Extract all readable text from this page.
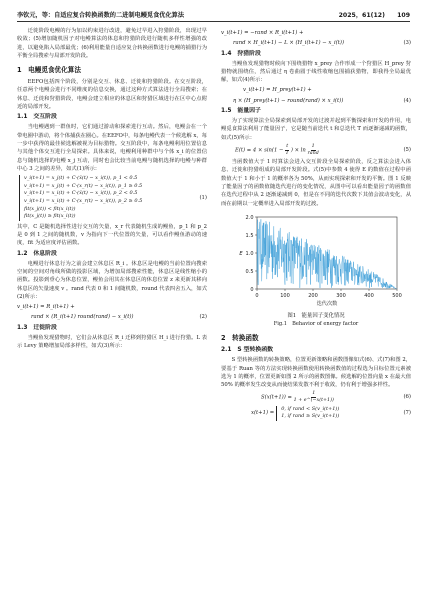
李钦元，等：自适应复合转换函数的二进制电鳗觅食优化算法	2025，61(12) 109

迁徙阶段电鳗的行为加以约束进行改进，避免过早进入狩猎阶段，出现过早收敛；(5)增加随机因子对电鳗算法的体息和狩猎阶段进行随机多样性增强的改进，以避免陷入局部最优；(6)利用能量自适应复合转换函数进行电鳗的捕猎行为平衡全局搜索与局部开发阶段。

1　电鳗觅食优化算法

EEFO包括四个阶段，分别是交互、休息、迁徙和狩猎阶段。在交互阶段，任意两个电鳗会进行不同维度的信息交换，通过这种方式算法进行全局搜索；在休息、迁徙和狩猎阶段，电鳗会建立相应的休息区和狩猎区域进行在区中心点附近的局部开发。

1.1　交互阶段

当电鳗遇到一群鱼时，它们通过游动和探索进行互动。然后，电鳗会在一个带电圈中游动，将个体捕获在圈心。在EEFO中，每条电鳗代表一个候选解 x，每一步中获得的最佳候选解被视为目标猎物。交互阶段中，每条电鳗利用位置信息与其他个体交互进行全局探索。具体来说，电鳗利用种群中与个体 x_i 的位置信息与随机选择的电鳗 x_j 互动，同时也会比较当前电鳗与随机选择的电鳗与种群中心 3 之间的差异，如式(1)所示：

v_i(t+1) = x_j(t) + C·(x̄(t) − x_i(t)), p_1 < 0.5
v_i(t+1) = x_j(t) + C·(x_r(t) − x_i(t)), p_1 ≥ 0.5
v_i(t+1) = x_i(t) + C·(x̄(t) − x_i(t)), p_2 < 0.5
v_i(t+1) = x_i(t) + C·(x_r(t) − x_i(t)), p_2 ≥ 0.5
fit(x_j(t)) < fit(x_i(t))
fit(x_j(t)) ≥ fit(x_i(t))
(1)

其中，C 是随机选择性进行交互的矢量，x_r 代表随机生成的鳗鱼，p_1 和 p_2 是 0 到 1 之间的随机数，v 为指向下一代位置的矢量，可以看作鳗鱼游动的速度，fit 为适应度评估函数。

1.2　休息阶段

电鳗进行休息行为之前会建立休息区 R_i 。休息区是电鳗的当前位置向搜索空间的空间对角线所做的投影区域，为增加局部搜索性能，休息区是线性缩小的函数。投影到垂心为休息位置，鳗鱼会用其在休息区的休息位置 z 来更新其移向休息区的矢量速度 v 。rand 代表 0 和 1 间随机数，round 代表四舍五入，如式(2)所示：

v_i(t+1) = R_i(t+1) +
rand × (R_i(t+1) round(rand) − x_i(t))	(2)
1.3　迁徙阶段

当鳗鱼发现猎物时，它们会从休息区 R_i 迁移到狩猎区 H_i 进行狩猎。L 表示 Levy 策略增加局部多样性，如式(3)所示：

v_i(t+1) = −rand × R_i(t+1) +
rand × H_i(t+1) − L × (H_i(t+1) − x_i(t))	(3)
1.4　狩猎阶段

当鳗鱼发现猎物时候向下围绕猎物 x_prey 合作形成一个狩猎区 H_prey 狩猎物就围绕住，然后通过 η 卷曲圆于线性收缩包围捕获猎物，即我得全局最优解，如式(4)所示：

v_i(t+1) = H_prey(t+1) +
η × (H_prey(t+1) − round(rand) × x_i(t))	(4)
1.5　能量因子

为了实现算法全局探索到局部开发的过渡并起到平衡探索和开发的作用，电鳗觅食算法利用了能量因子，它是随当前迭代 t 和总迭代 T 而逐渐递减的函数，如式(5)所示：

$E(t) = 4 \times \sin(1 - \frac{t}{T}$ ) × $\ln \frac{1}{\text{rand}}$	(5)

当函数值大于 1 时算法会进入交互阶段全局探索阶段，反之算法会进入体息、迁徙和狩猎组成的局部开发阶段。式(5)中参数 4 使得 E 的数值在过程中函数值大于 1 和小于 1 的概率各为 50%，从而实现探索和开发的平衡。图 1 反映了能量因子的函数值随迭代进行的变化情况，从图中可以看出能量因子的函数值在迭代过程中从 2 逐渐递减到 0，但是在不同的迭代次数下其值会波动变化，从而在前期以一定概率进入局部开发的过渡。

0	100	200	300	400	500
0
0.5
1.0
1.5
2.0
迭代次数
E
图1　能量因子变化情况
Fig.1　Behavior of energy factor
2　转换函数
2.1　S 型转换函数

S 型转换函数的转换策略，位置更新策略和函数图像如式(6)、式(7)和图 2，要基于 Ruan 等的方法实现转换函数使用转换函数值的过程选为目标位置元素被选为 1 的概率，位置更新如图 2 所示的函数图像。候选解的位置向量 x 在最大值 50% 的概率发生改变从而使结果发散不利于收敛，仍有利于增强多样性。

$S(x(t+1)) = \frac{1}{1 + e\^{}(-x(t+1))}$	(6)
x(t+1) =
0, if rand < S(v_i(t+1))
1, if rand ≥ S(v_i(t+1))
(7)
